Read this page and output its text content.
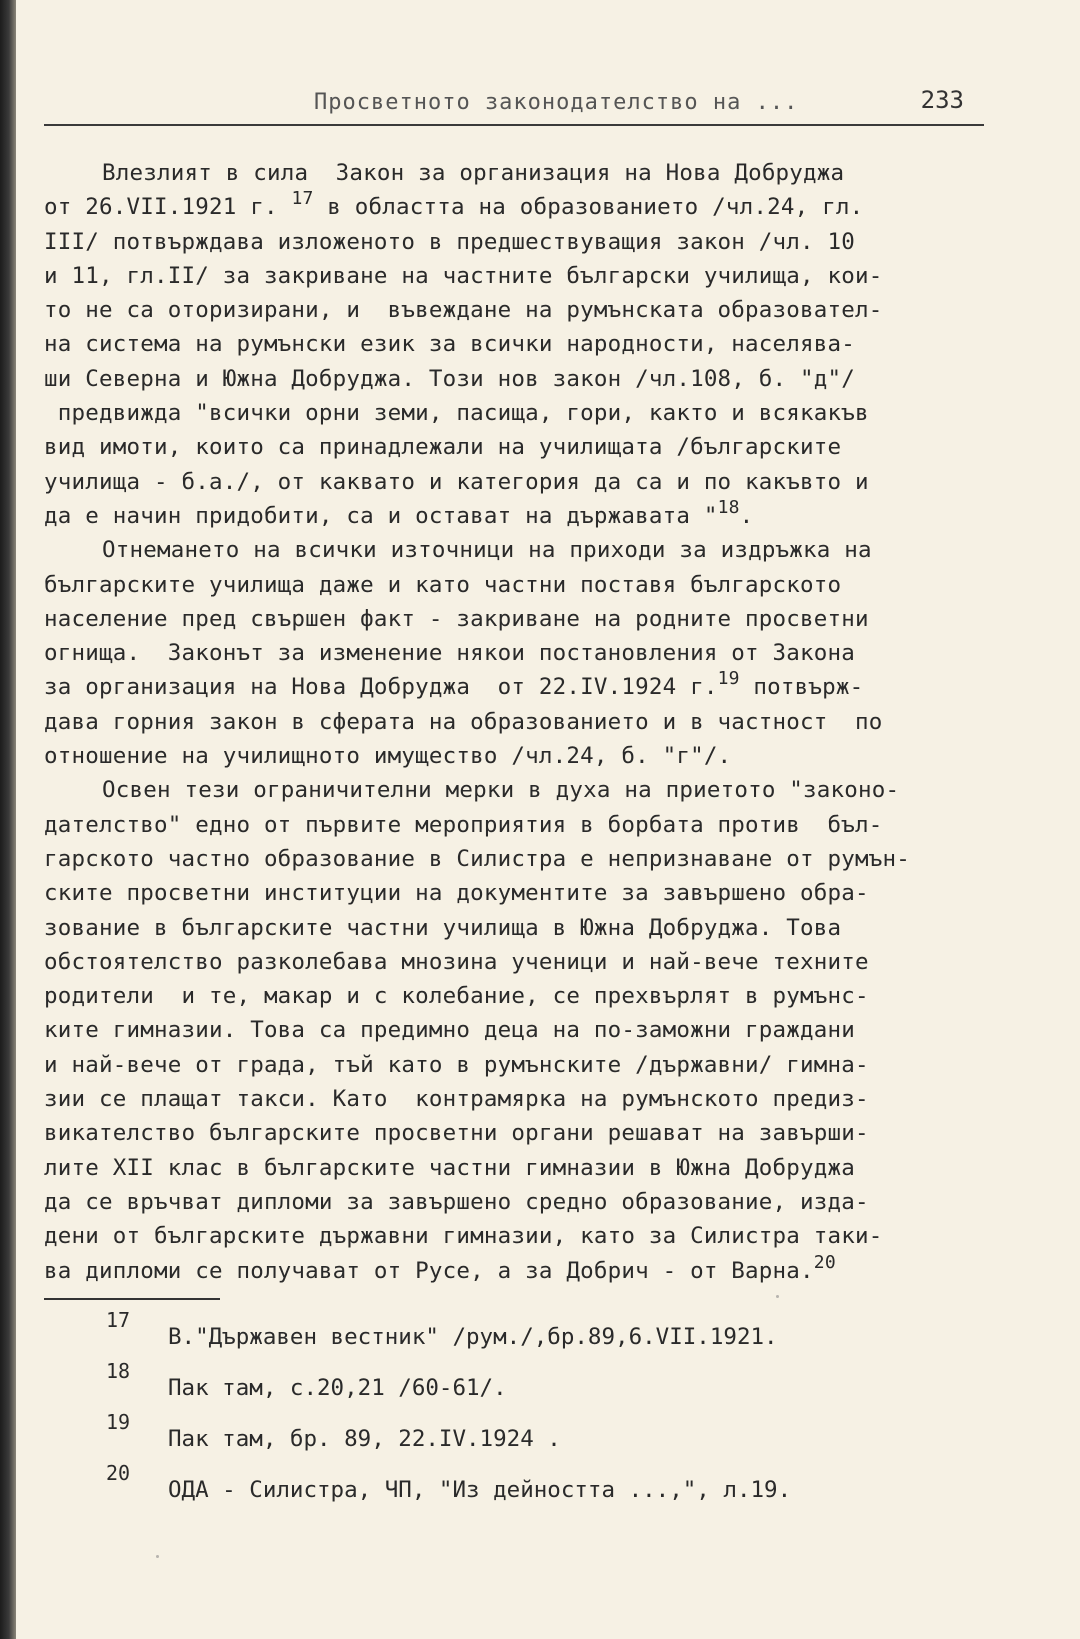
Просветното законодателство на ...	233
Влезлият в сила  Закон за организация на Нова Добруджа
от 26.VII.1921 г. $^{17}$ в областта на образованието /чл.24, гл.
III/ потвърждава изложеното в предшествуващия закон /чл. 10
и 11, гл.II/ за закриване на частните български училища, кои-
то не са оторизирани, и  въвеждане на румънската образовател-
на система на румънски език за всички народности, населява-
ши Северна и Южна Добруджа. Този нов закон /чл.108, б. "д"/
предвижда "всички орни земи, пасища, гори, както и всякакъв
вид имоти, които са принадлежали на училищата /българските
училища - б.а./, от каквато и категория да са и по какъвто и
да е начин придобити, са и остават на държавата "$^{18}$.
Отнемането на всички източници на приходи за издръжка на
българските училища даже и като частни поставя българското
население пред свършен факт - закриване на родните просветни
огнища.  Законът за изменение някои постановления от Закона
за организация на Нова Добруджа  от 22.IV.1924 г.$^{19}$ потвърж-
дава горния закон в сферата на образованието и в частност  по
отношение на училищното имущество /чл.24, б. "г"/.
Освен тези ограничителни мерки в духа на приетото "законо-
дателство" едно от първите мероприятия в борбата против  бъл-
гарското частно образование в Силистра е непризнаване от румън-
ските просветни институции на документите за завършено обра-
зование в българските частни училища в Южна Добруджа. Това
обстоятелство разколебава мнозина ученици и най-вече техните
родители  и те, макар и с колебание, се прехвърлят в румънс-
ките гимназии. Това са предимно деца на по-заможни граждани
и най-вече от града, тъй като в румънските /държавни/ гимна-
зии се плащат такси. Като  контрамярка на румънското предиз-
викателство българските просветни органи решават на завърши-
лите XII клас в българските частни гимназии в Южна Добруджа
да се връчват дипломи за завършено средно образование, изда-
дени от българските държавни гимназии, като за Силистра таки-
ва дипломи се получават от Русе, а за Добрич - от Варна.$^{20}$
17
В."Държавен вестник" /рум./,бр.89,6.VII.1921.
18
Пак там, с.20,21 /60-61/.
19
Пак там, бр. 89, 22.IV.1924 .
20
ОДА - Силистра, ЧП, "Из дейността ...,", л.19.
